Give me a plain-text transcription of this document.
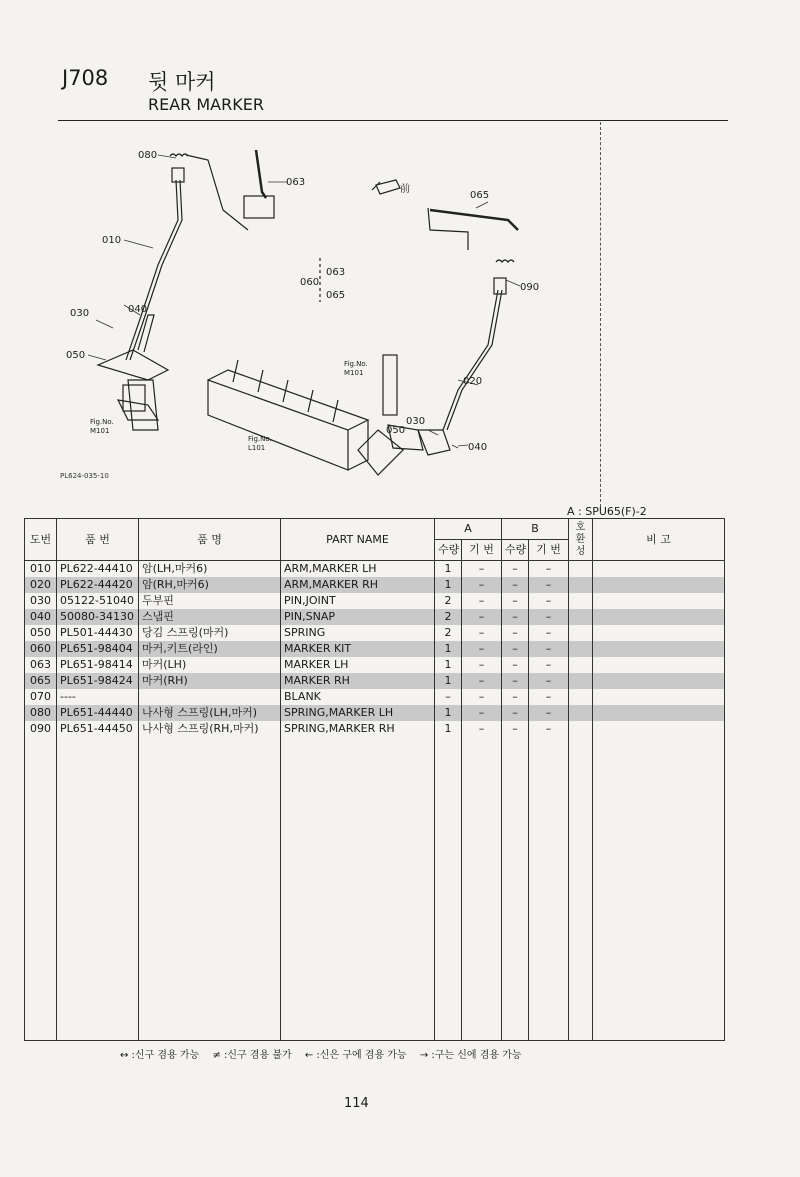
J708 뒷 마커
REAR MARKER
080
063
010
030	040
050
060
063
065
065
090
020
030
050
040
前
Fig.No.
M101
Fig.No.
L101
Fig.No.
M101
PL624-035-10
A : SPU65(F)-2
도번	품 번	품 명	PART NAME	A		B		호 환 성	비 고
				수량	기 번	수량	기 번		
010	PL622-44410	암(LH,마커6)	ARM,MARKER LH	1	–	–	–		
020	PL622-44420	암(RH,마커6)	ARM,MARKER RH	1	–	–	–		
030	05122-51040	두부핀	PIN,JOINT	2	–	–	–		
040	50080-34130	스냅핀	PIN,SNAP	2	–	–	–		
050	PL501-44430	당김 스프링(마커)	SPRING	2	–	–	–		
060	PL651-98404	마커,키트(라인)	MARKER KIT	1	–	–	–		
063	PL651-98414	마커(LH)	MARKER LH	1	–	–	–		
065	PL651-98424	마커(RH)	MARKER RH	1	–	–	–		
070	----		BLANK	–	–	–	–		
080	PL651-44440	나사형 스프링(LH,마커)	SPRING,MARKER LH	1	–	–	–		
090	PL651-44450	나사형 스프링(RH,마커)	SPRING,MARKER RH	1	–	–	–		

↔ :신구 겸용 가능 ≠ :신구 겸용 불가 ← :신은 구에 겸용 가능 → :구는 신에 겸용 가능
114
